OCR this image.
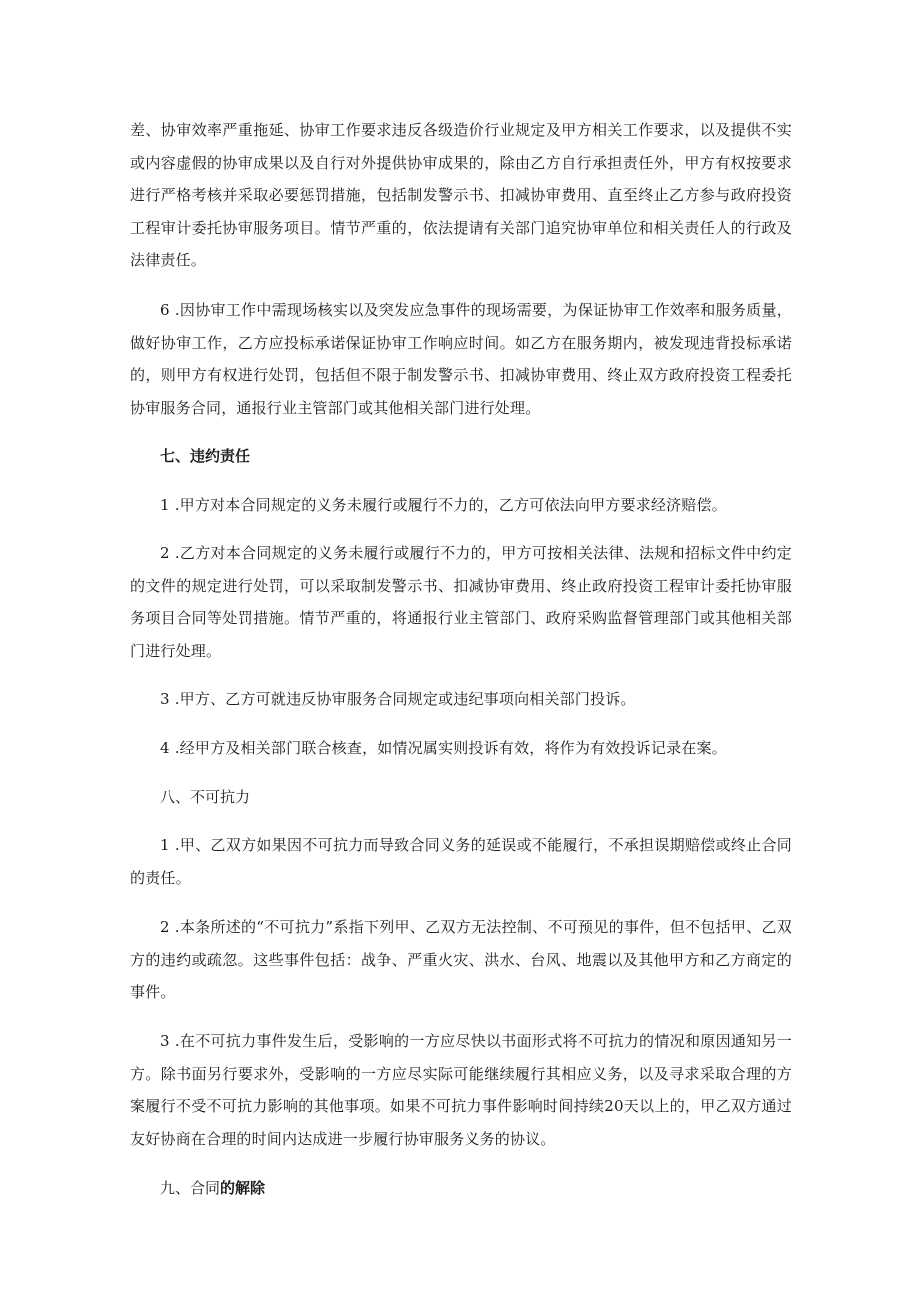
差、协审效率严重拖延、协审工作要求违反各级造价行业规定及甲方相关工作要求，以及提供不实或内容虚假的协审成果以及自行对外提供协审成果的，除由乙方自行承担责任外，甲方有权按要求进行严格考核并采取必要惩罚措施，包括制发警示书、扣减协审费用、直至终止乙方参与政府投资工程审计委托协审服务项目。情节严重的，依法提请有关部门追究协审单位和相关责任人的行政及法律责任。

6 .因协审工作中需现场核实以及突发应急事件的现场需要，为保证协审工作效率和服务质量，做好协审工作，乙方应投标承诺保证协审工作响应时间。如乙方在服务期内，被发现违背投标承诺的，则甲方有权进行处罚，包括但不限于制发警示书、扣减协审费用、终止双方政府投资工程委托协审服务合同，通报行业主管部门或其他相关部门进行处理。

七、违约责任

1 .甲方对本合同规定的义务未履行或履行不力的，乙方可依法向甲方要求经济赔偿。

2 .乙方对本合同规定的义务未履行或履行不力的，甲方可按相关法律、法规和招标文件中约定的文件的规定进行处罚，可以采取制发警示书、扣减协审费用、终止政府投资工程审计委托协审服务项目合同等处罚措施。情节严重的，将通报行业主管部门、政府采购监督管理部门或其他相关部门进行处理。

3 .甲方、乙方可就违反协审服务合同规定或违纪事项向相关部门投诉。

4 .经甲方及相关部门联合核查，如情况属实则投诉有效，将作为有效投诉记录在案。

八、不可抗力

1 .甲、乙双方如果因不可抗力而导致合同义务的延误或不能履行，不承担误期赔偿或终止合同的责任。

2 .本条所述的“不可抗力”系指下列甲、乙双方无法控制、不可预见的事件，但不包括甲、乙双方的违约或疏忽。这些事件包括：战争、严重火灾、洪水、台风、地震以及其他甲方和乙方商定的事件。

3 .在不可抗力事件发生后，受影响的一方应尽快以书面形式将不可抗力的情况和原因通知另一方。除书面另行要求外，受影响的一方应尽实际可能继续履行其相应义务，以及寻求采取合理的方案履行不受不可抗力影响的其他事项。如果不可抗力事件影响时间持续20天以上的，甲乙双方通过友好协商在合理的时间内达成进一步履行协审服务义务的协议。

九、合同的解除
